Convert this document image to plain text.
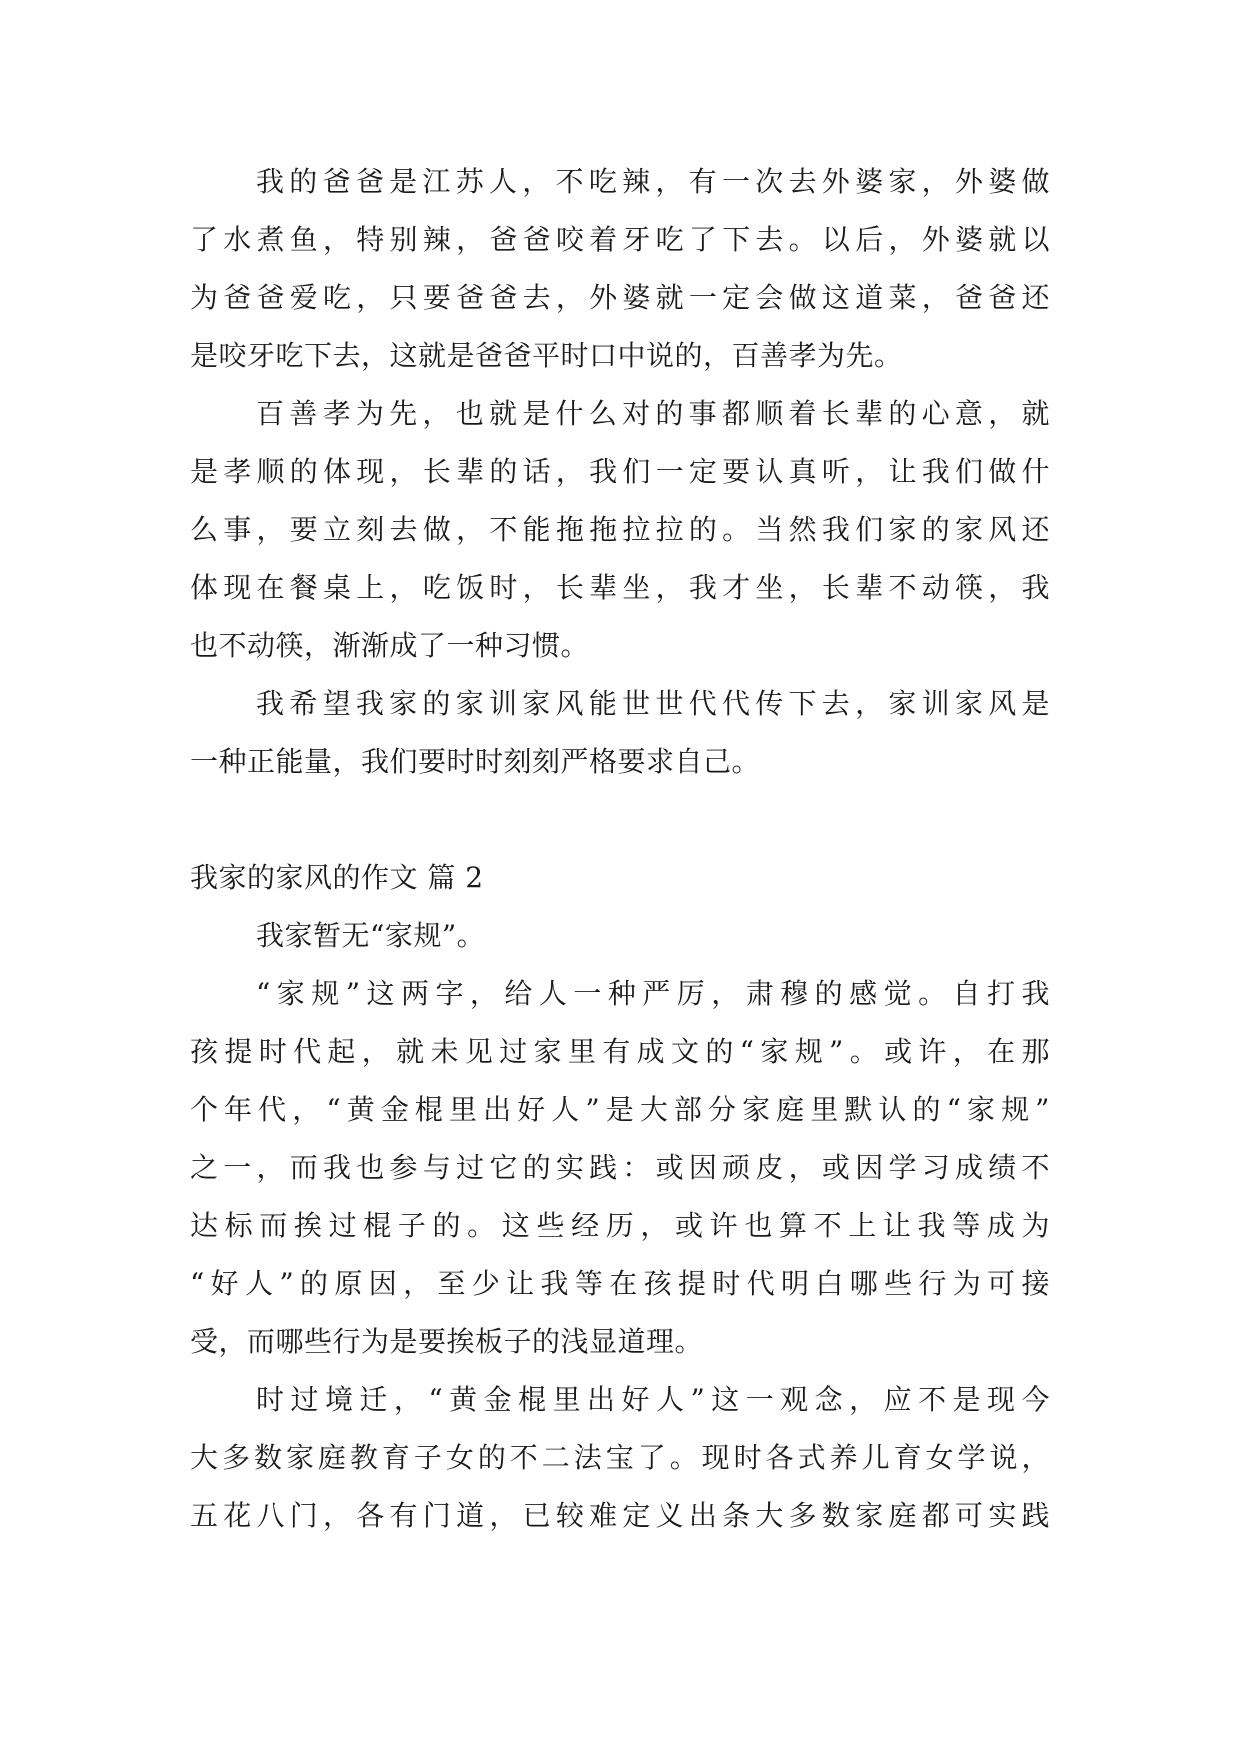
我的爸爸是江苏人，不吃辣，有一次去外婆家，外婆做

了水煮鱼，特别辣，爸爸咬着牙吃了下去。以后，外婆就以

为爸爸爱吃，只要爸爸去，外婆就一定会做这道菜，爸爸还

是咬牙吃下去，这就是爸爸平时口中说的，百善孝为先。

百善孝为先，也就是什么对的事都顺着长辈的心意，就

是孝顺的体现，长辈的话，我们一定要认真听，让我们做什

么事，要立刻去做，不能拖拖拉拉的。当然我们家的家风还

体现在餐桌上，吃饭时，长辈坐，我才坐，长辈不动筷，我

也不动筷，渐渐成了一种习惯。

我希望我家的家训家风能世世代代传下去，家训家风是

一种正能量，我们要时时刻刻严格要求自己。

我家的家风的作文 篇 2

我家暂无“家规”。

“家规”这两字，给人一种严厉，肃穆的感觉。自打我

孩提时代起，就未见过家里有成文的“家规”。或许，在那

个年代，“黄金棍里出好人”是大部分家庭里默认的“家规”

之一，而我也参与过它的实践：或因顽皮，或因学习成绩不

达标而挨过棍子的。这些经历，或许也算不上让我等成为

“好人”的原因，至少让我等在孩提时代明白哪些行为可接

受，而哪些行为是要挨板子的浅显道理。

时过境迁，“黄金棍里出好人”这一观念，应不是现今

大多数家庭教育子女的不二法宝了。现时各式养儿育女学说，

五花八门，各有门道，已较难定义出条大多数家庭都可实践
